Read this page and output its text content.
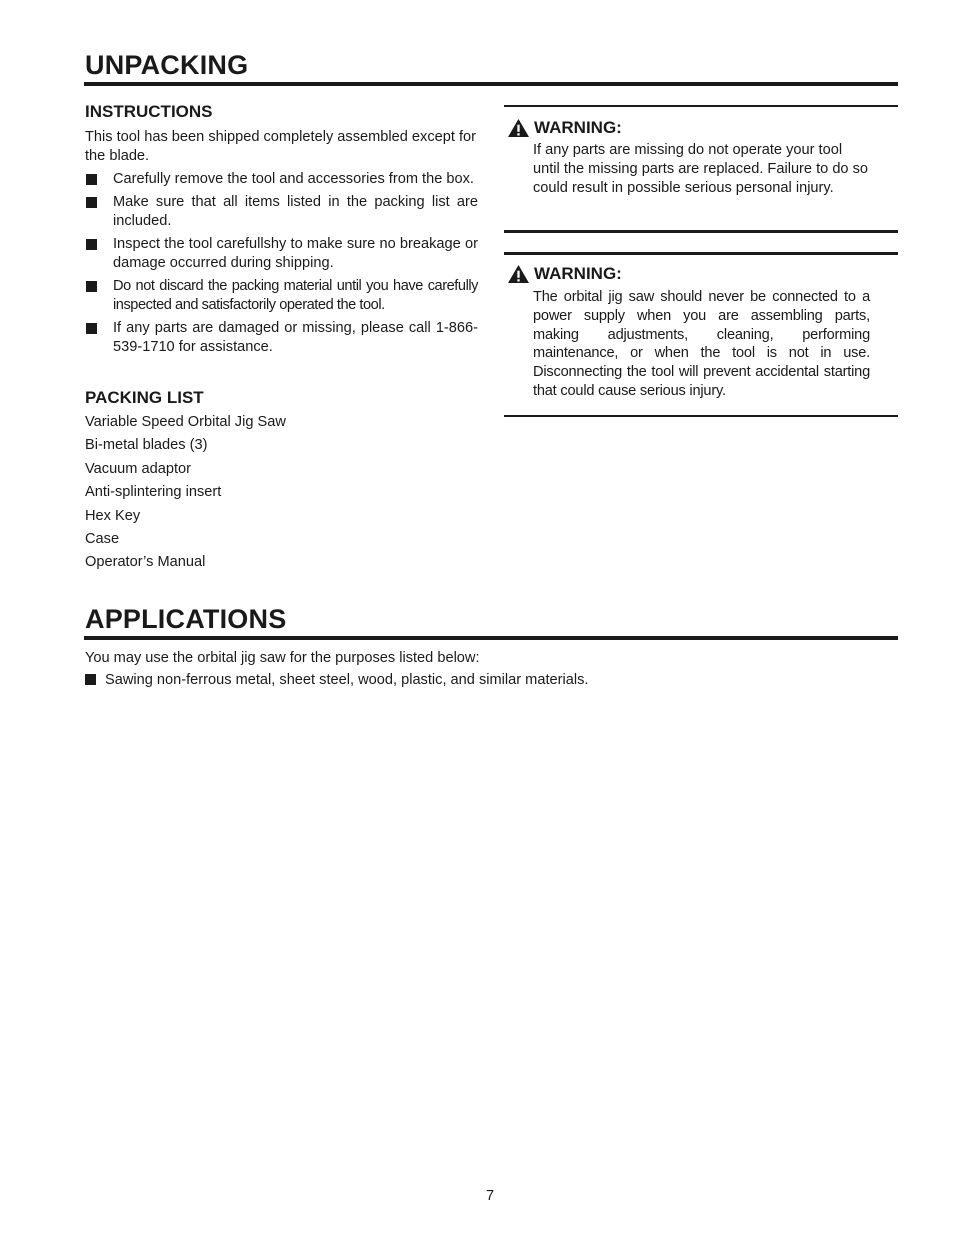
UNPACKING
INSTRUCTIONS

This tool has been shipped completely assembled except for the blade.

Carefully remove the tool and accessories from the box.
Make sure that all items listed in the packing list are included.
Inspect the tool carefullshy to make sure no breakage or damage occurred during shipping.
Do not discard the packing material until you have carefully inspected and satisfactorily operated the tool.
If any parts are damaged or missing, please call 1-866-539-1710 for assistance.
PACKING LIST
Variable Speed Orbital Jig Saw
Bi-metal blades (3)
Vacuum adaptor
Anti-splintering insert
Hex Key
Case
Operator’s Manual
WARNING:

If any parts are missing do not operate your tool until the missing parts are replaced. Failure to do so could result in possible serious personal injury.

WARNING:

The orbital jig saw should never be connected to a power supply when you are assembling parts, making adjustments, cleaning, performing maintenance, or when the tool is not in use. Disconnecting the tool will prevent accidental starting that could cause serious injury.

APPLICATIONS

You may use the orbital jig saw for the purposes listed below:

Sawing non-ferrous metal, sheet steel, wood, plastic, and similar materials.
7
